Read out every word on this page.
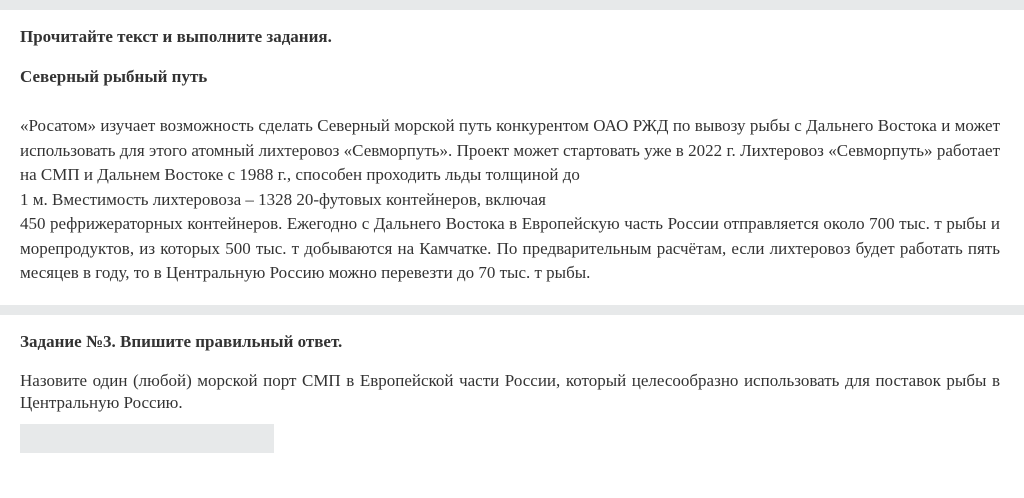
Прочитайте текст и выполните задания.

Северный рыбный путь

«Росатом» изучает возможность сделать Северный морской путь конкурентом ОАО РЖД по вывозу рыбы с Дальнего Востока и может использовать для этого атомный лихтеровоз «Севморпуть». Проект может стартовать уже в 2022 г. Лихтеровоз «Севморпуть» работает на СМП и Дальнем Востоке с 1988 г., способен проходить льды толщиной до

1 м. Вместимость лихтеровоза – 1328 20-футовых контейнеров, включая

450 рефрижераторных контейнеров. Ежегодно с Дальнего Востока в Европейскую часть России отправляется около 700 тыс. т рыбы и морепродуктов, из которых 500 тыс. т добываются на Камчатке. По предварительным расчётам, если лихтеровоз будет работать пять месяцев в году, то в Центральную Россию можно перевезти до 70 тыс. т рыбы.

Задание №3. Впишите правильный ответ.

Назовите один (любой) морской порт СМП в Европейской части России, который целесообразно использовать для поставок рыбы в Центральную Россию.
